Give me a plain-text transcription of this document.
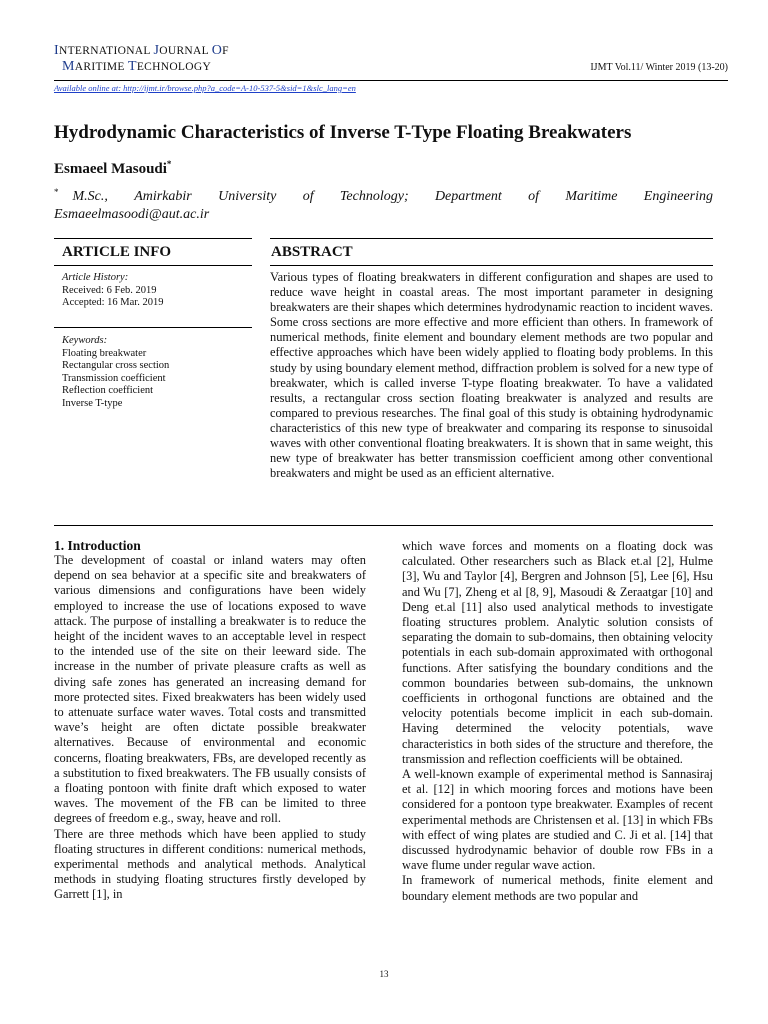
INTERNATIONAL JOURNAL OF
MARITIME TECHNOLOGY	IJMT Vol.11/ Winter 2019 (13-20)
Available online at: http://ijmt.ir/browse.php?a_code=A-10-537-5&sid=1&slc_lang=en
Hydrodynamic Characteristics of Inverse T-Type Floating Breakwaters
Esmaeel Masoudi*
* M.Sc., Amirkabir University of Technology; Department of Maritime Engineering
Esmaeelmasoodi@aut.ac.ir
ARTICLE INFO	ABSTRACT
Article History:
Received: 6 Feb. 2019
Accepted: 16 Mar. 2019
Keywords:
Floating breakwater
Rectangular cross section
Transmission coefficient
Reflection coefficient
Inverse T-type
Various types of floating breakwaters in different configuration and shapes are used to reduce wave height in coastal areas. The most important parameter in designing breakwaters are their shapes which determines hydrodynamic reaction to incident waves. Some cross sections are more effective and more efficient than others. In framework of numerical methods, finite element and boundary element methods are two popular and effective approaches which have been widely applied to floating body problems. In this study by using boundary element method, diffraction problem is solved for a new type of breakwater, which is called inverse T-type floating breakwater. To have a validated results, a rectangular cross section floating breakwater is analyzed and results are compared to previous researches. The final goal of this study is obtaining hydrodynamic characteristics of this new type of breakwater and comparing its response to sinusoidal waves with other conventional floating breakwaters. It is shown that in same weight, this new type of breakwater has better transmission coefficient among other conventional breakwaters and might be used as an efficient alternative.
1. Introduction

The development of coastal or inland waters may often depend on sea behavior at a specific site and breakwaters of various dimensions and configurations have been widely employed to increase the use of locations exposed to wave attack. The purpose of installing a breakwater is to reduce the height of the incident waves to an acceptable level in respect to the intended use of the site on their leeward side. The increase in the number of private pleasure crafts as well as diving safe zones has generated an increasing demand for more protected sites. Fixed breakwaters has been widely used to attenuate surface water waves. Total costs and transmitted wave’s height are often dictate possible breakwater alternatives. Because of environmental and economic concerns, floating breakwaters, FBs, are developed recently as a substitution to fixed breakwaters. The FB usually consists of a floating pontoon with finite draft which exposed to water waves. The movement of the FB can be limited to three degrees of freedom e.g., sway, heave and roll.

There are three methods which have been applied to study floating structures in different conditions: numerical methods, experimental methods and analytical methods. Analytical methods in studying floating structures firstly developed by Garrett [1], in

which wave forces and moments on a floating dock was calculated. Other researchers such as Black et.al [2], Hulme [3], Wu and Taylor [4], Bergren and Johnson [5], Lee [6], Hsu and Wu [7], Zheng et al [8, 9], Masoudi & Zeraatgar [10] and Deng et.al [11] also used analytical methods to investigate floating structures problem. Analytic solution consists of separating the domain to sub-domains, then obtaining velocity potentials in each sub-domain approximated with orthogonal functions. After satisfying the boundary conditions and the common boundaries between sub-domains, the unknown coefficients in orthogonal functions are obtained and the velocity potentials become implicit in each sub-domain. Having determined the velocity potentials, wave characteristics in both sides of the structure and therefore, the transmission and reflection coefficients will be obtained.

A well-known example of experimental method is Sannasiraj et al. [12] in which mooring forces and motions have been considered for a pontoon type breakwater. Examples of recent experimental methods are Christensen et al. [13] in which FBs with effect of wing plates are studied and C. Ji et al. [14] that discussed hydrodynamic behavior of double row FBs in a wave flume under regular wave action.

In framework of numerical methods, finite element and boundary element methods are two popular and

13
